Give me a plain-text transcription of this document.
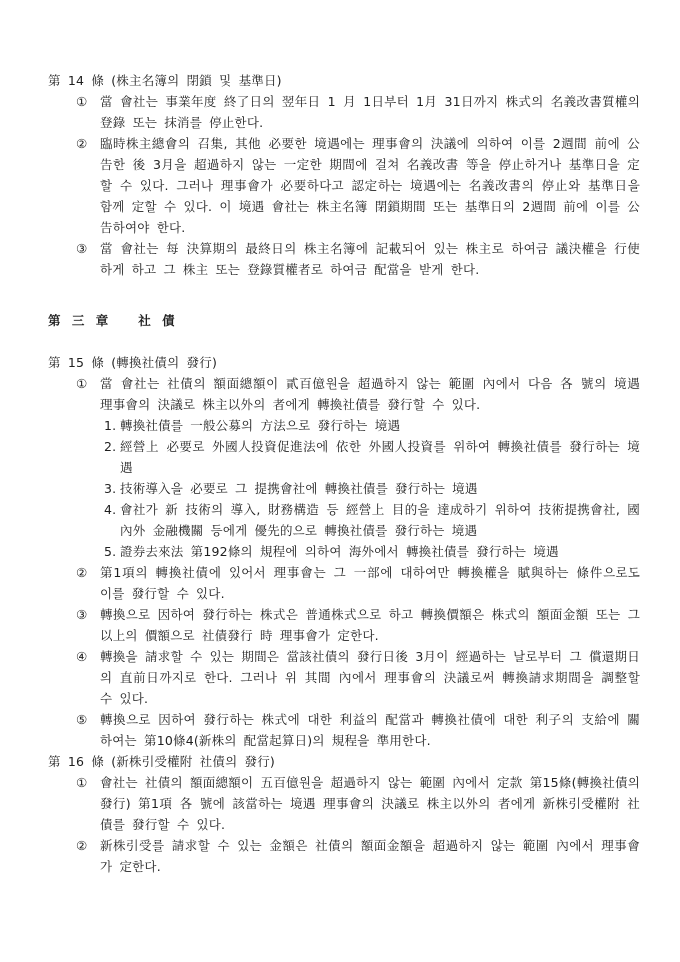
第 14 條 (株主名簿의 閉鎖 및 基準日)

①	當 會社는 事業年度 終了日의 翌年日 1 月 1日부터 1月 31日까지 株式의 名義改書質權의 登錄 또는 抹消를 停止한다.
②	臨時株主總會의 召集, 其他 必要한 境遇에는 理事會의 決議에 의하여 이를 2週間 前에 公告한 後 3月을 超過하지 않는 一定한 期間에 걸쳐 名義改書 等을 停止하거나 基準日을 定할 수 있다. 그러나 理事會가 必要하다고 認定하는 境遇에는 名義改書의 停止와 基準日을 함께 定할 수 있다. 이 境遇 會社는 株主名簿 閉鎖期間 또는 基準日의 2週間 前에 이를 公告하여야 한다.
③	當 會社는 每 決算期의 最終日의 株主名簿에 記載되어 있는 株主로 하여금 議決權을 行使하게 하고 그 株主 또는 登錄質權者로 하여금 配當을 받게 한다.

第 三 章   社 債

第 15 條 (轉換社債의 發行)

①	當 會社는 社債의 額面總額이 貳百億원을 超過하지 않는 範圍 內에서 다음 各 號의 境遇 理事會의 決議로 株主以外의 者에게 轉換社債를 發行할 수 있다.
1. 轉換社債를 一般公募의 方法으로 發行하는 境遇
2. 經營上 必要로 外國人投資促進法에 依한 外國人投資를 위하여 轉換社債를 發行하는 境遇
3. 技術導入을 必要로 그 提携會社에 轉換社債를 發行하는 境遇
4. 會社가 新 技術의 導入, 財務構造 등 經營上 目的을 達成하기 위하여 技術提携會社, 國內外 金融機關 등에게 優先的으로 轉換社債를 發行하는 境遇
5. 證券去來法 第192條의 規程에 의하여 海外에서 轉換社債를 發行하는 境遇
②	第1項의 轉換社債에 있어서 理事會는 그 一部에 대하여만 轉換權을 賦與하는 條件으로도 이를 發行할 수 있다.
③	轉換으로 因하여 發行하는 株式은 普通株式으로 하고 轉換價額은 株式의 額面金額 또는 그 以上의 價額으로 社債發行 時 理事會가 定한다.
④	轉換을 請求할 수 있는 期間은 當該社債의 發行日後 3月이 經過하는 날로부터 그 償還期日의 直前日까지로 한다. 그러나 위 其間 內에서 理事會의 決議로써 轉換請求期間을 調整할 수 있다.
⑤	轉換으로 因하여 發行하는 株式에 대한 利益의 配當과 轉換社債에 대한 利子의 支給에 關하여는 第10條4(新株의 配當起算日)의 規程을 準用한다.

第 16 條 (新株引受權附 社債의 發行)

①	會社는 社債의 額面總額이 五百億원을 超過하지 않는 範圍 內에서 定款 第15條(轉換社債의 發行) 第1項 各 號에 該當하는 境遇 理事會의 決議로 株主以外의 者에게 新株引受權附 社債를 發行할 수 있다.
②	新株引受를 請求할 수 있는 金額은 社債의 額面金額을 超過하지 않는 範圍 內에서 理事會가 定한다.
